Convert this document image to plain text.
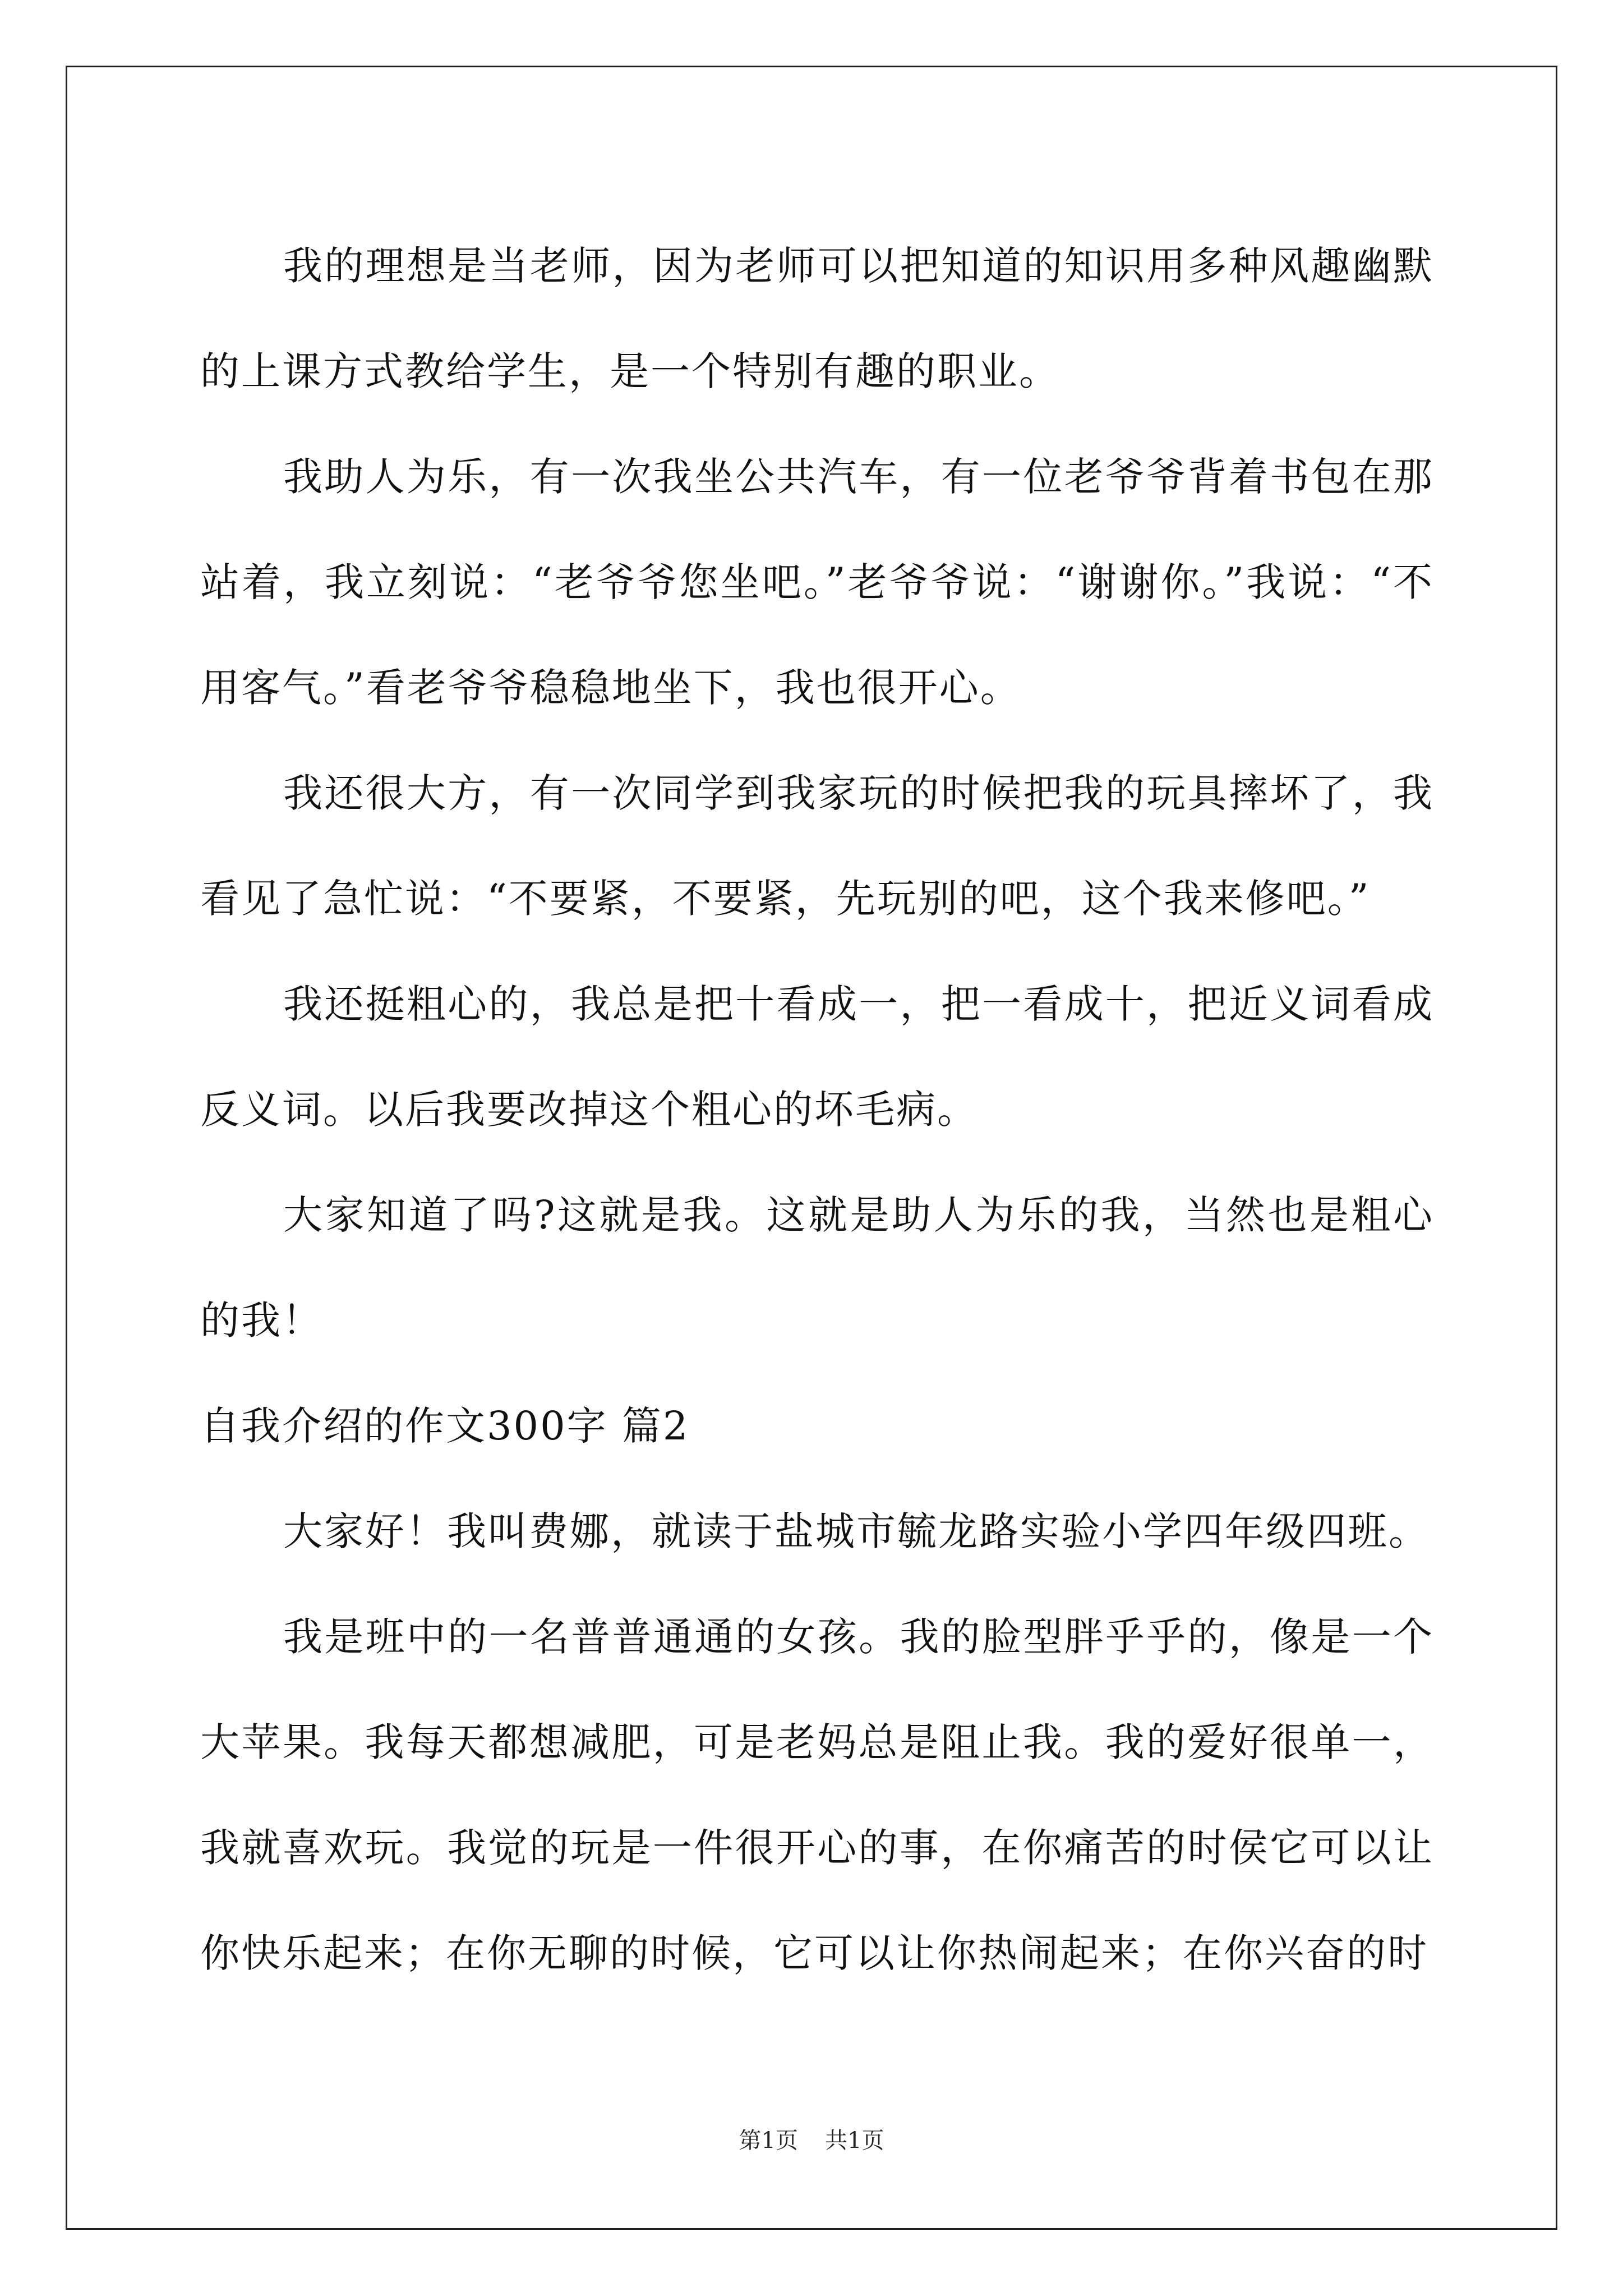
我的理想是当老师，因为老师可以把知道的知识用多种风趣幽默的上课方式教给学生，是一个特别有趣的职业。

我助人为乐，有一次我坐公共汽车，有一位老爷爷背着书包在那站着，我立刻说：“老爷爷您坐吧。”老爷爷说：“谢谢你。”我说：“不用客气。”看老爷爷稳稳地坐下，我也很开心。

我还很大方，有一次同学到我家玩的时候把我的玩具摔坏了，我看见了急忙说：“不要紧，不要紧，先玩别的吧，这个我来修吧。”

我还挺粗心的，我总是把十看成一，把一看成十，把近义词看成反义词。以后我要改掉这个粗心的坏毛病。

大家知道了吗?这就是我。这就是助人为乐的我，当然也是粗心的我！

自我介绍的作文300字 篇2

大家好！我叫费娜，就读于盐城市毓龙路实验小学四年级四班。

我是班中的一名普普通通的女孩。我的脸型胖乎乎的，像是一个大苹果。我每天都想减肥，可是老妈总是阻止我。我的爱好很单一，我就喜欢玩。我觉的玩是一件很开心的事，在你痛苦的时侯它可以让你快乐起来；在你无聊的时候，它可以让你热闹起来；在你兴奋的时

第1页 共1页
